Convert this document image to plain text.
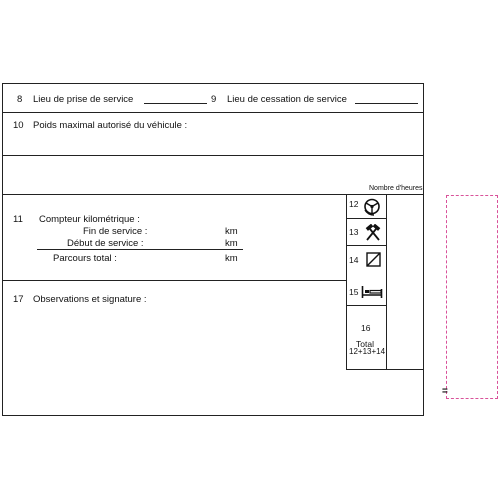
8 Lieu de prise de service	9 Lieu de cessation de service
10 Poids maximal autorisé du véhicule :
Nombre d'heures
11 Compteur kilométrique :
Fin de service :	km
Début de service :	km
Parcours total :	km
17 Observations et signature :
12
13
14
15
16
Total
12+13+14
=
